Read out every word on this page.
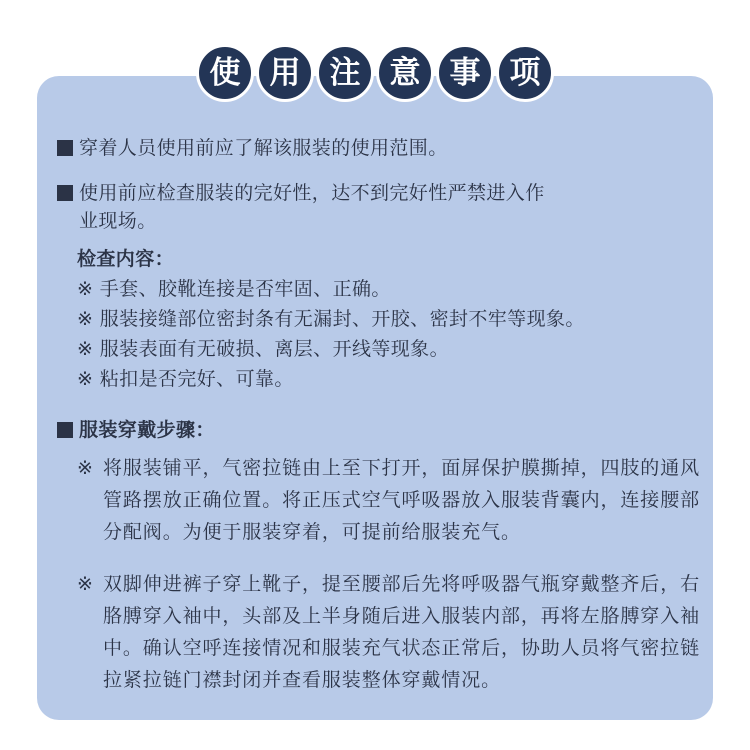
使 用 注 意 事 项
穿着人员使用前应了解该服装的使用范围。
使用前应检查服装的完好性，达不到完好性严禁进入作
业现场。
检查内容：
※ 手套、胶靴连接是否牢固、正确。
※ 服装接缝部位密封条有无漏封、开胶、密封不牢等现象。
※ 服装表面有无破损、离层、开线等现象。
※ 粘扣是否完好、可靠。
服装穿戴步骤：
※ 将服装铺平，气密拉链由上至下打开，面屏保护膜撕掉，四肢的通风管路摆放正确位置。将正压式空气呼吸器放入服装背囊内，连接腰部分配阀。为便于服装穿着，可提前给服装充气。
※ 双脚伸进裤子穿上靴子，提至腰部后先将呼吸器气瓶穿戴整齐后，右胳膊穿入袖中，头部及上半身随后进入服装内部，再将左胳膊穿入袖中。确认空呼连接情况和服装充气状态正常后，协助人员将气密拉链拉紧拉链门襟封闭并查看服装整体穿戴情况。
